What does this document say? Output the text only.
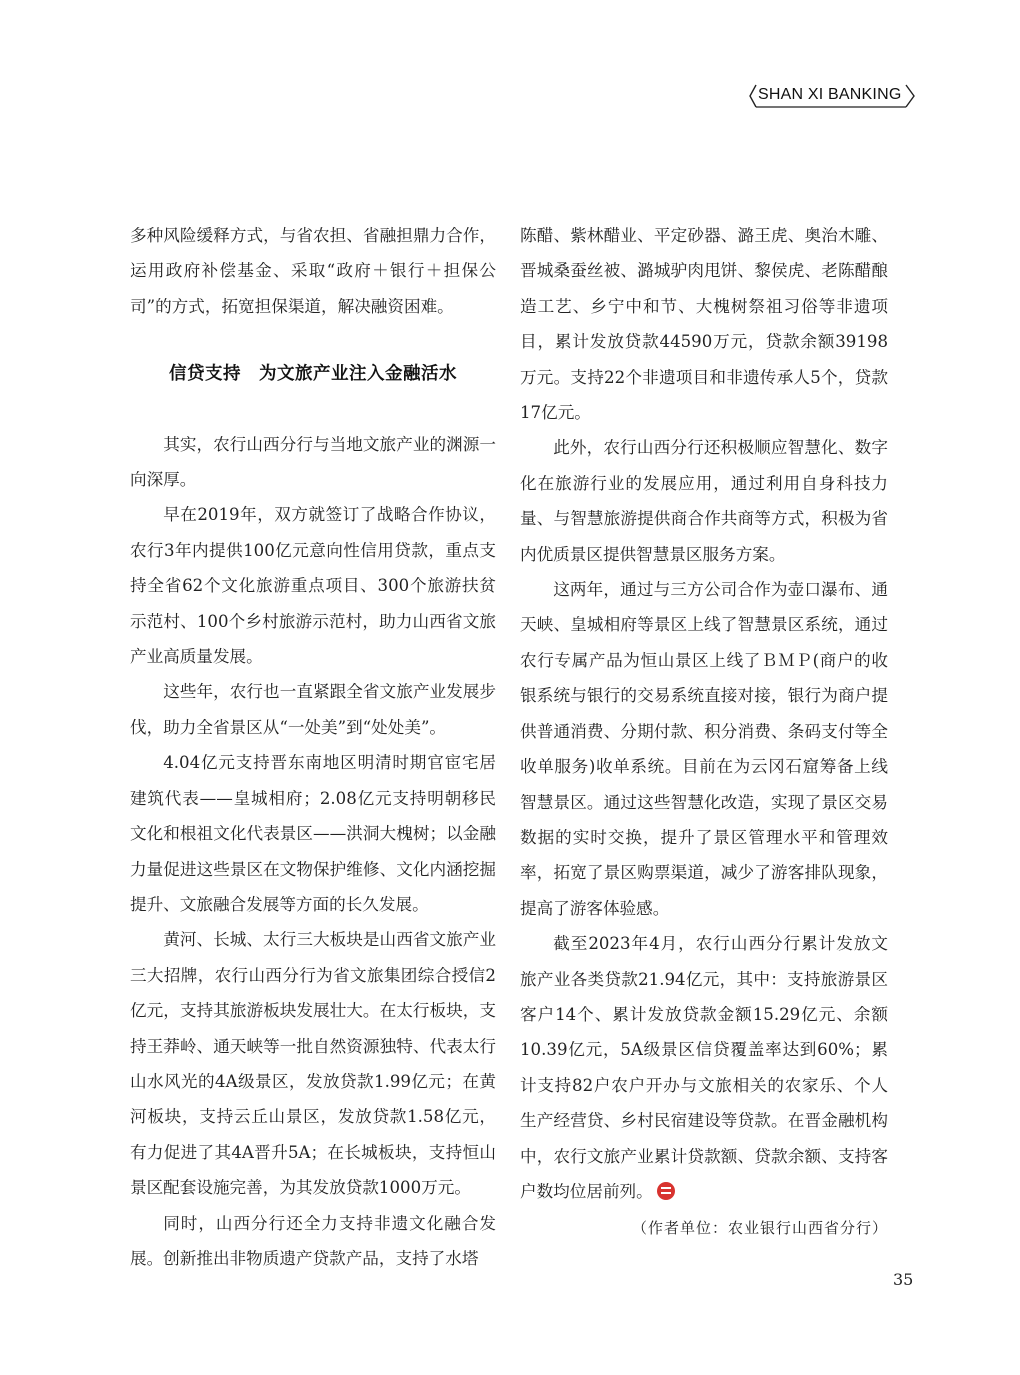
SHAN XI BANKING

多种风险缓释方式，与省农担、省融担鼎力合作，运用政府补偿基金、采取“政府＋银行＋担保公司”的方式，拓宽担保渠道，解决融资困难。

信贷支持　为文旅产业注入金融活水

其实，农行山西分行与当地文旅产业的渊源一向深厚。

早在2019年，双方就签订了战略合作协议，农行3年内提供100亿元意向性信用贷款，重点支持全省62个文化旅游重点项目、300个旅游扶贫示范村、100个乡村旅游示范村，助力山西省文旅产业高质量发展。

这些年，农行也一直紧跟全省文旅产业发展步伐，助力全省景区从“一处美”到“处处美”。

4.04亿元支持晋东南地区明清时期官宦宅居建筑代表——皇城相府；2.08亿元支持明朝移民文化和根祖文化代表景区——洪洞大槐树；以金融力量促进这些景区在文物保护维修、文化内涵挖掘提升、文旅融合发展等方面的长久发展。

黄河、长城、太行三大板块是山西省文旅产业三大招牌，农行山西分行为省文旅集团综合授信2亿元，支持其旅游板块发展壮大。在太行板块，支持王莽岭、通天峡等一批自然资源独特、代表太行山水风光的4A级景区，发放贷款1.99亿元；在黄河板块，支持云丘山景区，发放贷款1.58亿元，有力促进了其4A晋升5A；在长城板块，支持恒山景区配套设施完善，为其发放贷款1000万元。

同时，山西分行还全力支持非遗文化融合发展。创新推出非物质遗产贷款产品，支持了水塔

陈醋、紫林醋业、平定砂器、潞王虎、奥治木雕、晋城桑蚕丝被、潞城驴肉甩饼、黎侯虎、老陈醋酿造工艺、乡宁中和节、大槐树祭祖习俗等非遗项目，累计发放贷款44590万元，贷款余额39198万元。支持22个非遗项目和非遗传承人5个，贷款17亿元。

此外，农行山西分行还积极顺应智慧化、数字化在旅游行业的发展应用，通过利用自身科技力量、与智慧旅游提供商合作共商等方式，积极为省内优质景区提供智慧景区服务方案。

这两年，通过与三方公司合作为壶口瀑布、通天峡、皇城相府等景区上线了智慧景区系统，通过农行专属产品为恒山景区上线了ＢＭＰ(商户的收银系统与银行的交易系统直接对接，银行为商户提供普通消费、分期付款、积分消费、条码支付等全收单服务)收单系统。目前在为云冈石窟筹备上线智慧景区。通过这些智慧化改造，实现了景区交易数据的实时交换，提升了景区管理水平和管理效率，拓宽了景区购票渠道，减少了游客排队现象，提高了游客体验感。

截至2023年4月，农行山西分行累计发放文旅产业各类贷款21.94亿元，其中：支持旅游景区客户14个、累计发放贷款金额15.29亿元、余额10.39亿元，5A级景区信贷覆盖率达到60%；累计支持82户农户开办与文旅相关的农家乐、个人生产经营贷、乡村民宿建设等贷款。在晋金融机构中，农行文旅产业累计贷款额、贷款余额、支持客户数均位居前列。

（作者单位：农业银行山西省分行）

35
